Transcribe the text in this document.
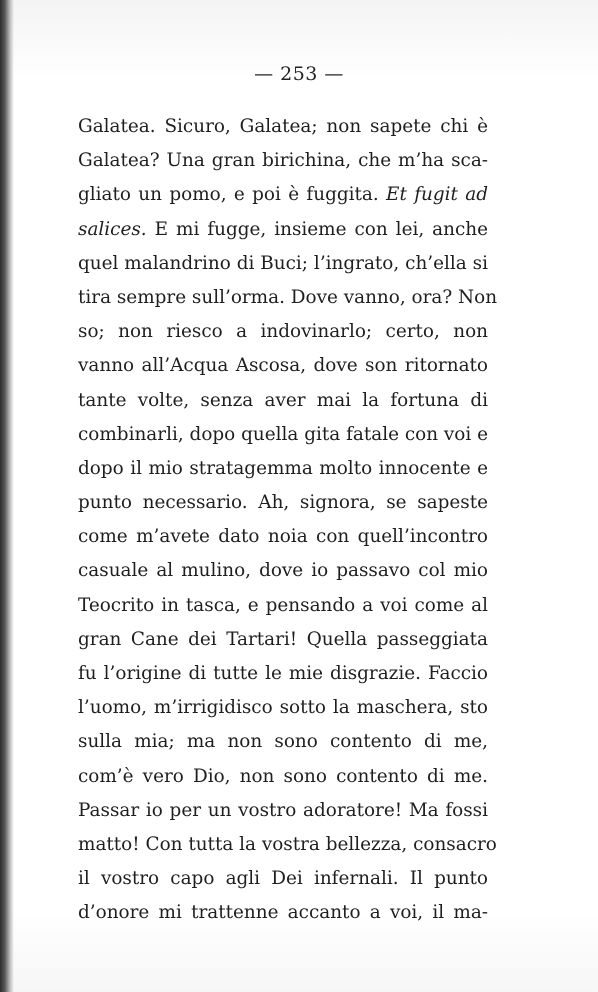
— 253 —
Galatea. Sicuro, Galatea; non sapete chi è
Galatea? Una gran birichina, che m’ha sca-
gliato un pomo, e poi è fuggita. Et fugit ad
salices. E mi fugge, insieme con lei, anche
quel malandrino di Buci; l’ingrato, ch’ella si
tira sempre sull’orma. Dove vanno, ora? Non
so; non riesco a indovinarlo; certo, non
vanno all’Acqua Ascosa, dove son ritornato
tante volte, senza aver mai la fortuna di
combinarli, dopo quella gita fatale con voi e
dopo il mio stratagemma molto innocente e
punto necessario. Ah, signora, se sapeste
come m’avete dato noia con quell’incontro
casuale al mulino, dove io passavo col mio
Teocrito in tasca, e pensando a voi come al
gran Cane dei Tartari! Quella passeggiata
fu l’origine di tutte le mie disgrazie. Faccio
l’uomo, m’irrigidisco sotto la maschera, sto
sulla mia; ma non sono contento di me,
com’è vero Dio, non sono contento di me.
Passar io per un vostro adoratore! Ma fossi
matto! Con tutta la vostra bellezza, consacro
il vostro capo agli Dei infernali. Il punto
d’onore mi trattenne accanto a voi, il ma-
